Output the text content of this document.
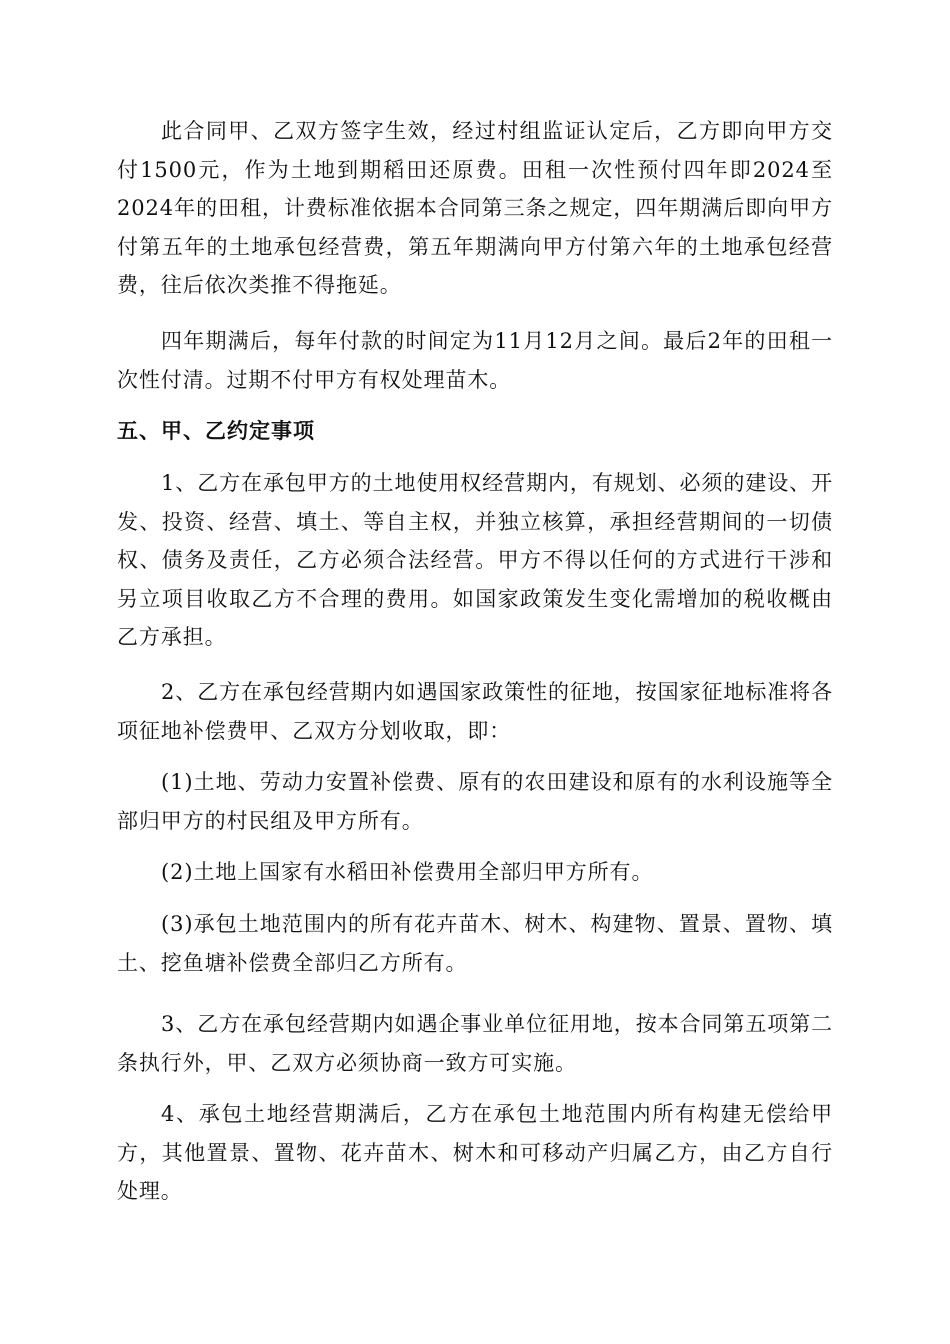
此合同甲、乙双方签字生效，经过村组监证认定后，乙方即向甲方交付1500元，作为土地到期稻田还原费。田租一次性预付四年即2024至2024年的田租，计费标准依据本合同第三条之规定，四年期满后即向甲方付第五年的土地承包经营费，第五年期满向甲方付第六年的土地承包经营费，往后依次类推不得拖延。

四年期满后，每年付款的时间定为11月12月之间。最后2年的田租一次性付清。过期不付甲方有权处理苗木。

五、甲、乙约定事项

1、乙方在承包甲方的土地使用权经营期内，有规划、必须的建设、开发、投资、经营、填土、等自主权，并独立核算，承担经营期间的一切债权、债务及责任，乙方必须合法经营。甲方不得以任何的方式进行干涉和另立项目收取乙方不合理的费用。如国家政策发生变化需增加的税收概由乙方承担。

2、乙方在承包经营期内如遇国家政策性的征地，按国家征地标准将各项征地补偿费甲、乙双方分划收取，即：

(1)土地、劳动力安置补偿费、原有的农田建设和原有的水利设施等全部归甲方的村民组及甲方所有。

(2)土地上国家有水稻田补偿费用全部归甲方所有。

(3)承包土地范围内的所有花卉苗木、树木、构建物、置景、置物、填土、挖鱼塘补偿费全部归乙方所有。

3、乙方在承包经营期内如遇企事业单位征用地，按本合同第五项第二条执行外，甲、乙双方必须协商一致方可实施。

4、承包土地经营期满后，乙方在承包土地范围内所有构建无偿给甲方，其他置景、置物、花卉苗木、树木和可移动产归属乙方，由乙方自行处理。
